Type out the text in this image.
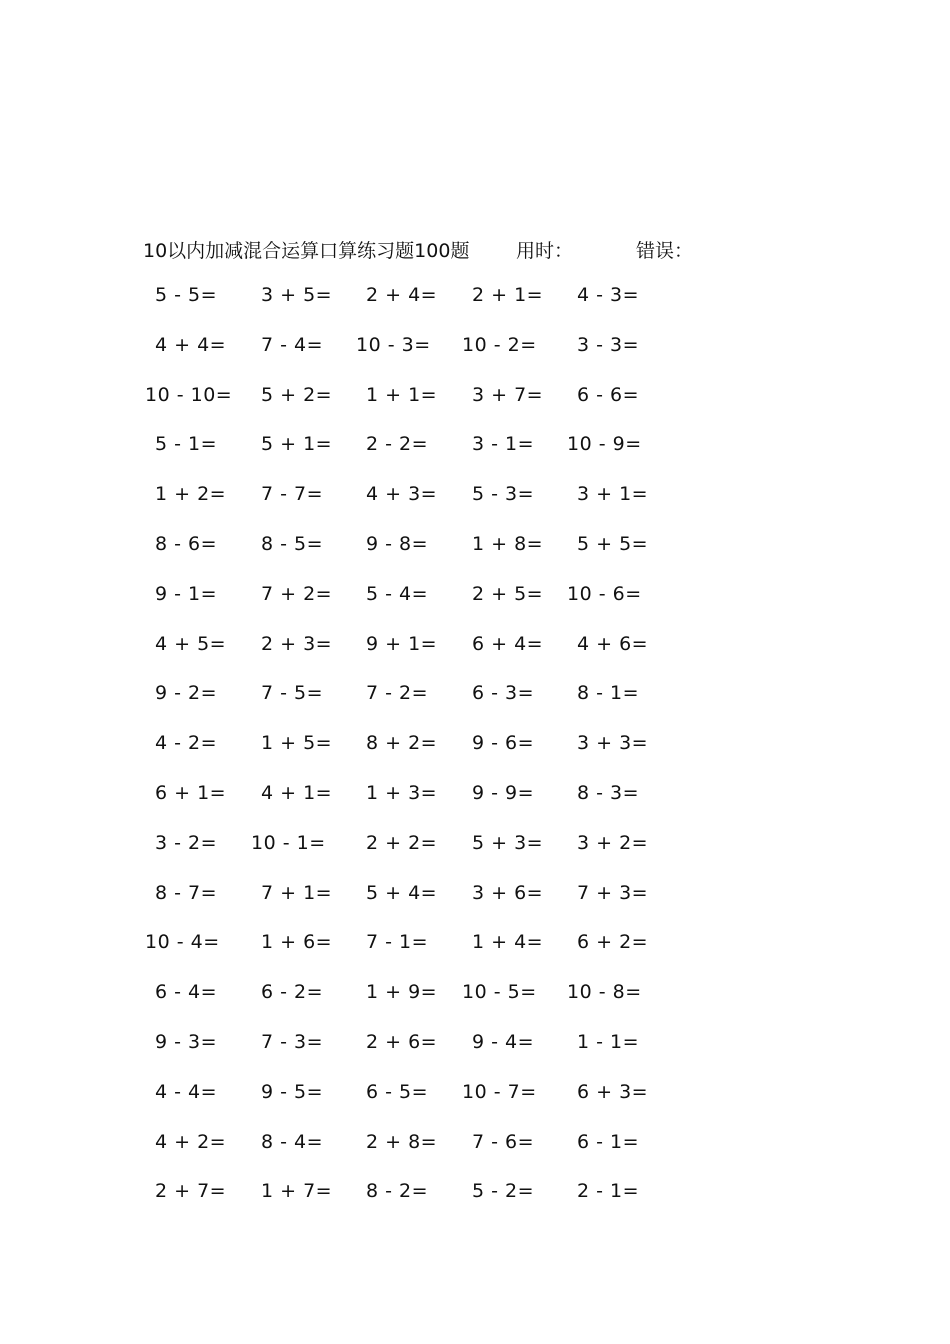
10以内加减混合运算口算练习题100题 用时：	错误：
5 - 5= 3 + 5= 2 + 4= 2 + 1= 4 - 3=
4 + 4= 7 - 4= 10 - 3= 10 - 2= 3 - 3=
10 - 10= 5 + 2= 1 + 1= 3 + 7= 6 - 6=
5 - 1= 5 + 1= 2 - 2= 3 - 1= 10 - 9=
1 + 2= 7 - 7= 4 + 3= 5 - 3= 3 + 1=
8 - 6= 8 - 5= 9 - 8= 1 + 8= 5 + 5=
9 - 1= 7 + 2= 5 - 4= 2 + 5= 10 - 6=
4 + 5= 2 + 3= 9 + 1= 6 + 4= 4 + 6=
9 - 2= 7 - 5= 7 - 2= 6 - 3= 8 - 1=
4 - 2= 1 + 5= 8 + 2= 9 - 6= 3 + 3=
6 + 1= 4 + 1= 1 + 3= 9 - 9= 8 - 3=
3 - 2= 10 - 1= 2 + 2= 5 + 3= 3 + 2=
8 - 7= 7 + 1= 5 + 4= 3 + 6= 7 + 3=
10 - 4= 1 + 6= 7 - 1= 1 + 4= 6 + 2=
6 - 4= 6 - 2= 1 + 9= 10 - 5= 10 - 8=
9 - 3= 7 - 3= 2 + 6= 9 - 4= 1 - 1=
4 - 4= 9 - 5= 6 - 5= 10 - 7= 6 + 3=
4 + 2= 8 - 4= 2 + 8= 7 - 6= 6 - 1=
2 + 7= 1 + 7= 8 - 2= 5 - 2= 2 - 1=
